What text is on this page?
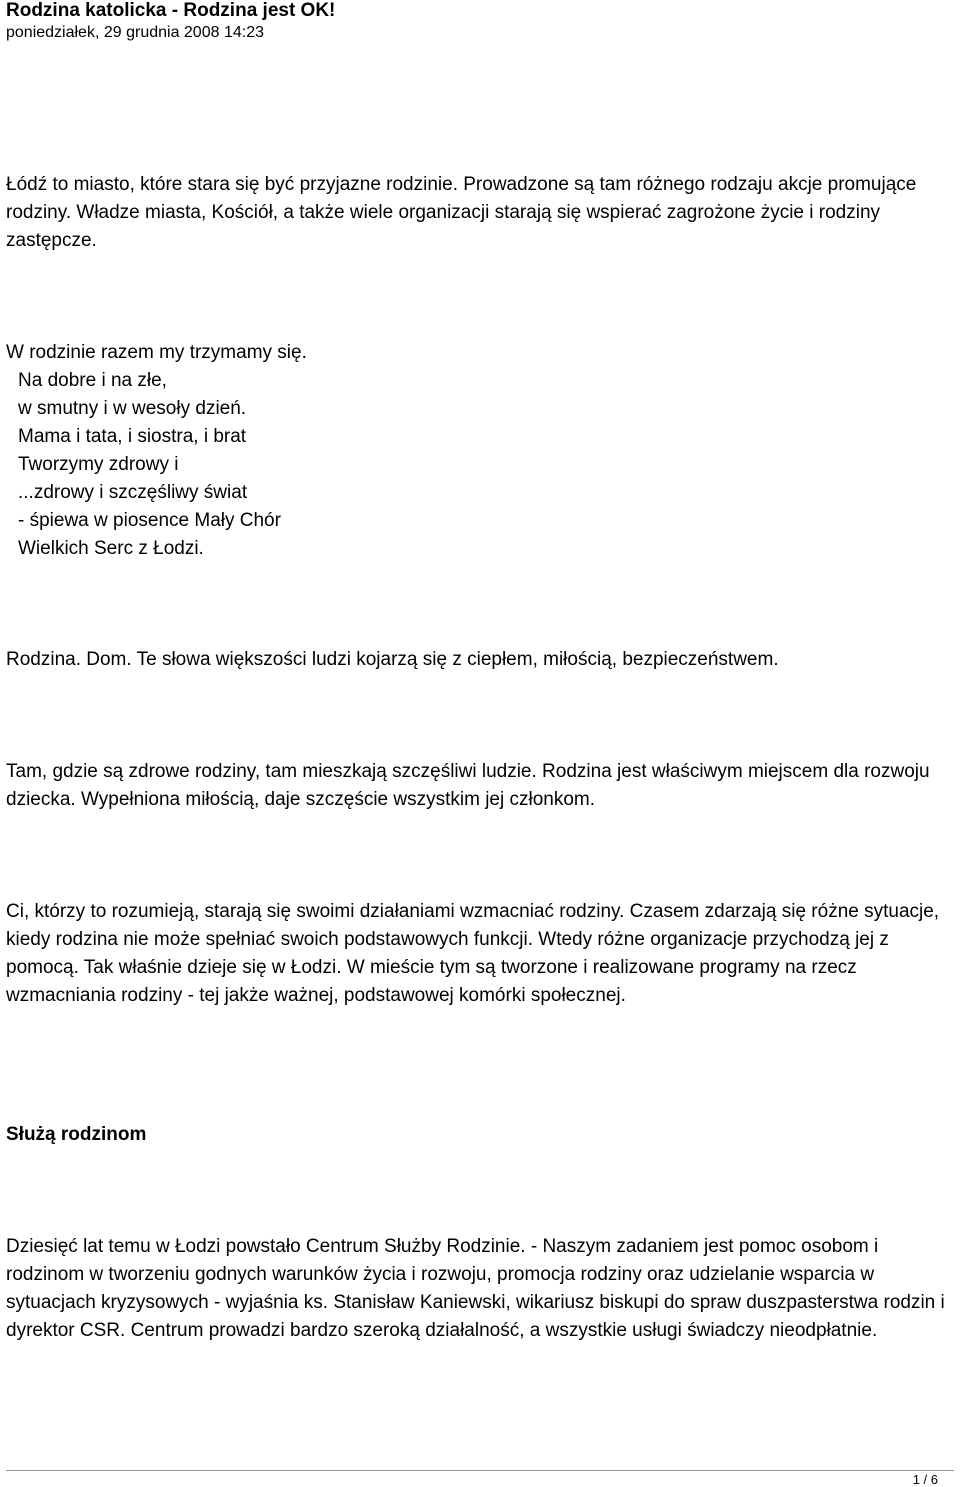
Rodzina katolicka - Rodzina jest OK!
poniedziałek, 29 grudnia 2008 14:23

Łódź to miasto, które stara się być przyjazne rodzinie. Prowadzone są tam różnego rodzaju akcje promujące rodziny. Władze miasta, Kościół, a także wiele organizacji starają się wspierać zagrożone życie i rodziny zastępcze.

W rodzinie razem my trzymamy się.
Na dobre i na złe,
w smutny i w wesoły dzień.
Mama i tata, i siostra, i brat
Tworzymy zdrowy i
...zdrowy i szczęśliwy świat
- śpiewa w piosence Mały Chór
Wielkich Serc z Łodzi.

Rodzina. Dom. Te słowa większości ludzi kojarzą się z ciepłem, miłością, bezpieczeństwem.

Tam, gdzie są zdrowe rodziny, tam mieszkają szczęśliwi ludzie. Rodzina jest właściwym miejscem dla rozwoju dziecka. Wypełniona miłością, daje szczęście wszystkim jej członkom.

Ci, którzy to rozumieją, starają się swoimi działaniami wzmacniać rodziny. Czasem zdarzają się różne sytuacje, kiedy rodzina nie może spełniać swoich podstawowych funkcji. Wtedy różne organizacje przychodzą jej z pomocą. Tak właśnie dzieje się w Łodzi. W mieście tym są tworzone i realizowane programy na rzecz wzmacniania rodziny - tej jakże ważnej, podstawowej komórki społecznej.

Służą rodzinom

Dziesięć lat temu w Łodzi powstało Centrum Służby Rodzinie. - Naszym zadaniem jest pomoc osobom i rodzinom w tworzeniu godnych warunków życia i rozwoju, promocja rodziny oraz udzielanie wsparcia w sytuacjach kryzysowych - wyjaśnia ks. Stanisław Kaniewski, wikariusz biskupi do spraw duszpasterstwa rodzin i dyrektor CSR. Centrum prowadzi bardzo szeroką działalność, a wszystkie usługi świadczy nieodpłatnie.

1 / 6
